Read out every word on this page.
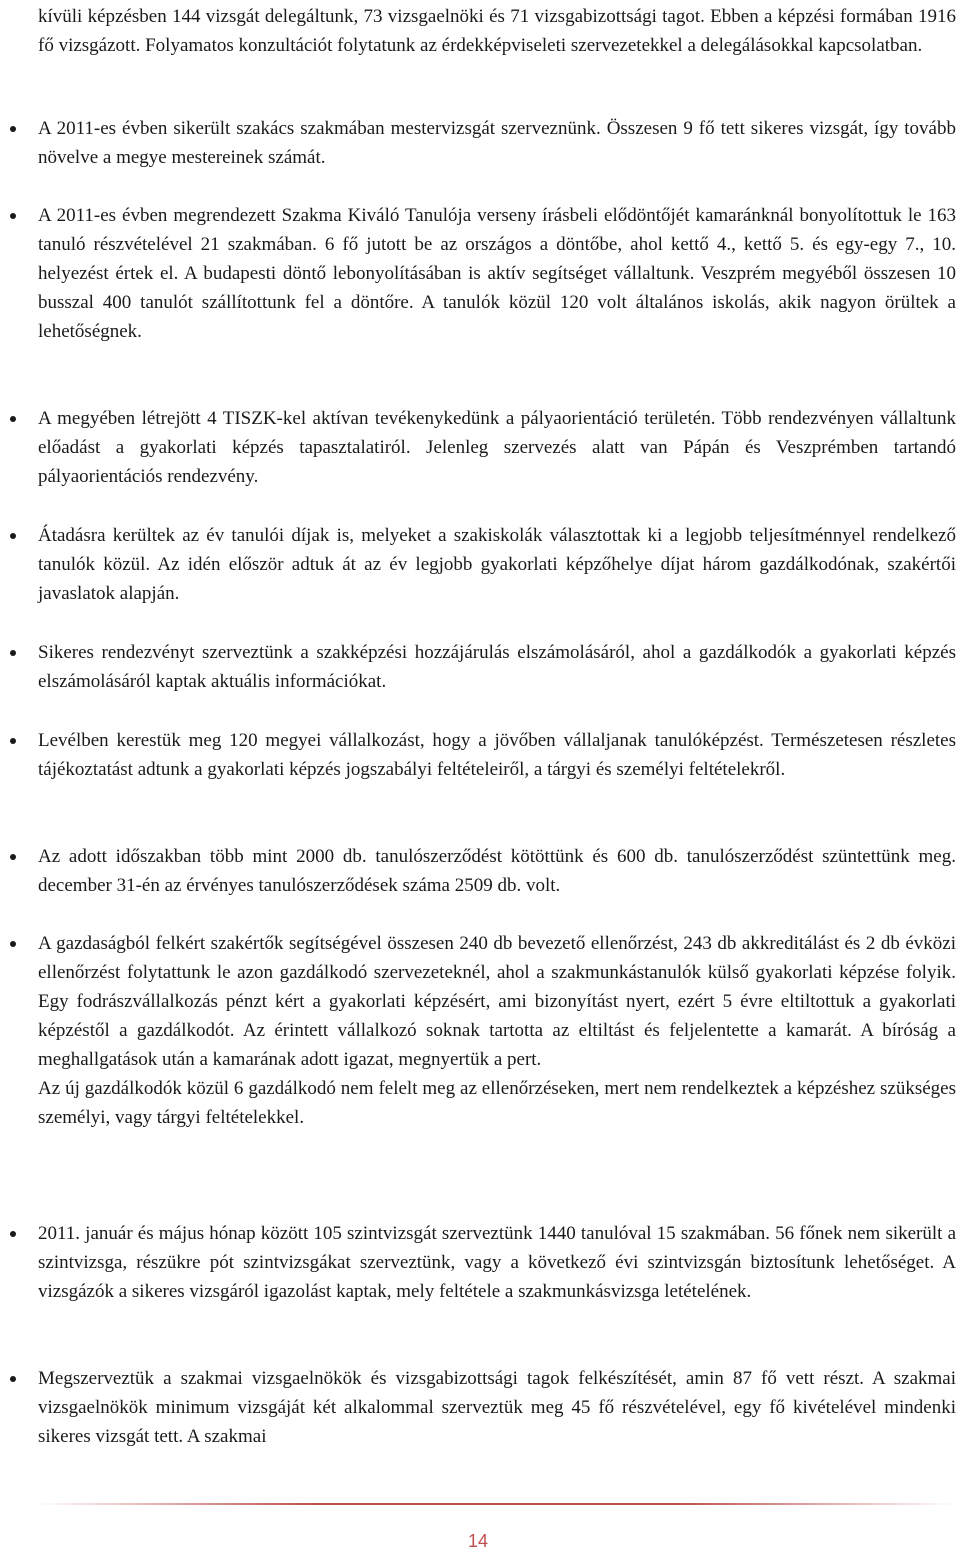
kívüli képzésben 144 vizsgát delegáltunk, 73 vizsgaelnöki és 71 vizsgabizottsági tagot. Ebben a képzési formában 1916 fő vizsgázott. Folyamatos konzultációt folytatunk az érdekképviseleti szervezetekkel a delegálásokkal kapcsolatban.

A 2011-es évben sikerült szakács szakmában mestervizsgát szerveznünk. Összesen 9 fő tett sikeres vizsgát, így tovább növelve a megye mestereinek számát.

A 2011-es évben megrendezett Szakma Kiváló Tanulója verseny írásbeli elődöntőjét kamaránknál bonyolítottuk le 163 tanuló részvételével 21 szakmában. 6 fő jutott be az országos a döntőbe, ahol kettő 4., kettő 5. és egy-egy 7., 10. helyezést értek el. A budapesti döntő lebonyolításában is aktív segítséget vállaltunk. Veszprém megyéből összesen 10 busszal 400 tanulót szállítottunk fel a döntőre. A tanulók közül 120 volt általános iskolás, akik nagyon örültek a lehetőségnek.

A megyében létrejött 4 TISZK-kel aktívan tevékenykedünk a pályaorientáció területén. Több rendezvényen vállaltunk előadást a gyakorlati képzés tapasztalatiról. Jelenleg szervezés alatt van Pápán és Veszprémben tartandó pályaorientációs rendezvény.

Átadásra kerültek az év tanulói díjak is, melyeket a szakiskolák választottak ki a legjobb teljesítménnyel rendelkező tanulók közül. Az idén először adtuk át az év legjobb gyakorlati képzőhelye díjat három gazdálkodónak, szakértői javaslatok alapján.

Sikeres rendezvényt szerveztünk a szakképzési hozzájárulás elszámolásáról, ahol a gazdálkodók a gyakorlati képzés elszámolásáról kaptak aktuális információkat.

Levélben kerestük meg 120 megyei vállalkozást, hogy a jövőben vállaljanak tanulóképzést. Természetesen részletes tájékoztatást adtunk a gyakorlati képzés jogszabályi feltételeiről, a tárgyi és személyi feltételekről.

Az adott időszakban több mint 2000 db. tanulószerződést kötöttünk és 600 db. tanulószerződést szüntettünk meg. december 31-én az érvényes tanulószerződések száma 2509 db. volt.

A gazdaságból felkért szakértők segítségével összesen 240 db bevezető ellenőrzést, 243 db akkreditálást és 2 db évközi ellenőrzést folytattunk le azon gazdálkodó szervezeteknél, ahol a szakmunkástanulók külső gyakorlati képzése folyik. Egy fodrászvállalkozás pénzt kért a gyakorlati képzésért, ami bizonyítást nyert, ezért 5 évre eltiltottuk a gyakorlati képzéstől a gazdálkodót. Az érintett vállalkozó soknak tartotta az eltiltást és feljelentette a kamarát. A bíróság a meghallgatások után a kamarának adott igazat, megnyertük a pert.

Az új gazdálkodók közül 6 gazdálkodó nem felelt meg az ellenőrzéseken, mert nem rendelkeztek a képzéshez szükséges személyi, vagy tárgyi feltételekkel.

2011. január és május hónap között 105 szintvizsgát szerveztünk 1440 tanulóval 15 szakmában. 56 főnek nem sikerült a szintvizsga, részükre pót szintvizsgákat szerveztünk, vagy a következő évi szintvizsgán biztosítunk lehetőséget. A vizsgázók a sikeres vizsgáról igazolást kaptak, mely feltétele a szakmunkásvizsga letételének.

Megszerveztük a szakmai vizsgaelnökök és vizsgabizottsági tagok felkészítését, amin 87 fő vett részt. A szakmai vizsgaelnökök minimum vizsgáját két alkalommal szerveztük meg 45 fő részvételével, egy fő kivételével mindenki sikeres vizsgát tett. A szakmai

14
